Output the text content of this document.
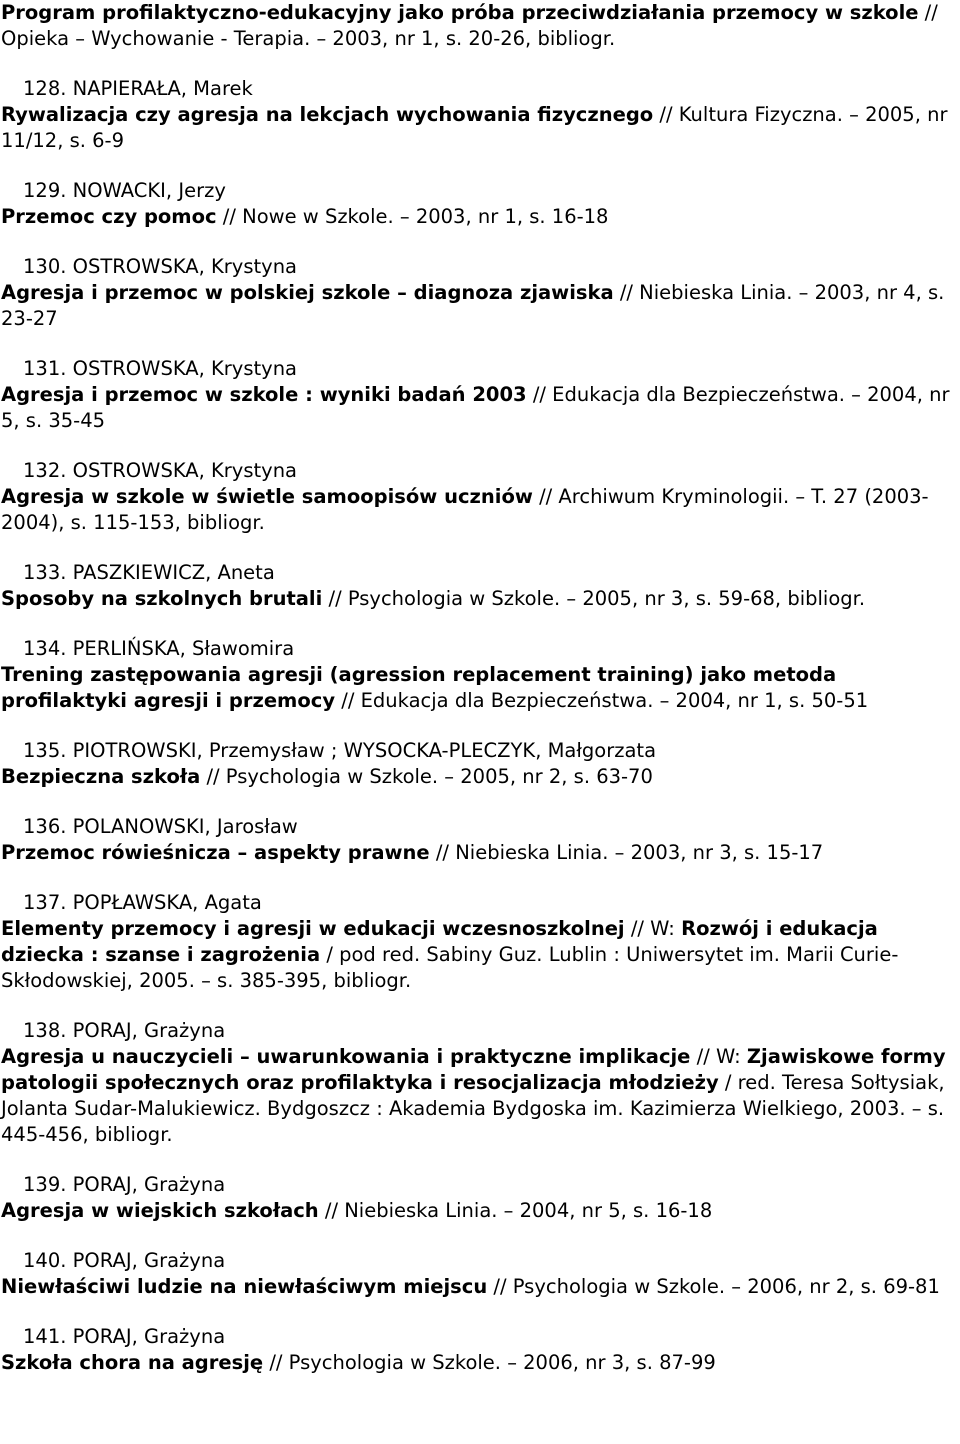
Program profilaktyczno-edukacyjny jako próba przeciwdziałania przemocy w szkole // Opieka – Wychowanie - Terapia. – 2003, nr 1, s. 20-26, bibliogr.
128. NAPIERAŁA, Marek
Rywalizacja czy agresja na lekcjach wychowania fizycznego // Kultura Fizyczna. – 2005, nr 11/12, s. 6-9
129. NOWACKI, Jerzy
Przemoc czy pomoc // Nowe w Szkole. – 2003, nr 1, s. 16-18
130. OSTROWSKA, Krystyna
Agresja i przemoc w polskiej szkole – diagnoza zjawiska // Niebieska Linia. – 2003, nr 4, s. 23-27
131. OSTROWSKA, Krystyna
Agresja i przemoc w szkole : wyniki badań 2003 // Edukacja dla Bezpieczeństwa. – 2004, nr 5, s. 35-45
132. OSTROWSKA, Krystyna
Agresja w szkole w świetle samoopisów uczniów // Archiwum Kryminologii. – T. 27 (2003-2004), s. 115-153, bibliogr.
133. PASZKIEWICZ, Aneta
Sposoby na szkolnych brutali // Psychologia w Szkole. – 2005, nr 3, s. 59-68, bibliogr.
134. PERLIŃSKA, Sławomira
Trening zastępowania agresji (agression replacement training) jako metoda profilaktyki agresji i przemocy // Edukacja dla Bezpieczeństwa. – 2004, nr 1, s. 50-51
135. PIOTROWSKI, Przemysław ; WYSOCKA-PLECZYK, Małgorzata
Bezpieczna szkoła // Psychologia w Szkole. – 2005, nr 2, s. 63-70
136. POLANOWSKI, Jarosław
Przemoc rówieśnicza – aspekty prawne // Niebieska Linia. – 2003, nr 3, s. 15-17
137. POPŁAWSKA, Agata
Elementy przemocy i agresji w edukacji wczesnoszkolnej // W: Rozwój i edukacja dziecka : szanse i zagrożenia / pod red. Sabiny Guz. Lublin : Uniwersytet im. Marii Curie-Skłodowskiej, 2005. – s. 385-395, bibliogr.
138. PORAJ, Grażyna
Agresja u nauczycieli – uwarunkowania i praktyczne implikacje // W: Zjawiskowe formy patologii społecznych oraz profilaktyka i resocjalizacja młodzieży / red. Teresa Sołtysiak, Jolanta Sudar-Malukiewicz. Bydgoszcz : Akademia Bydgoska im. Kazimierza Wielkiego, 2003. – s. 445-456, bibliogr.
139. PORAJ, Grażyna
Agresja w wiejskich szkołach // Niebieska Linia. – 2004, nr 5, s. 16-18
140. PORAJ, Grażyna
Niewłaściwi ludzie na niewłaściwym miejscu // Psychologia w Szkole. – 2006, nr 2, s. 69-81
141. PORAJ, Grażyna
Szkoła chora na agresję // Psychologia w Szkole. – 2006, nr 3, s. 87-99
